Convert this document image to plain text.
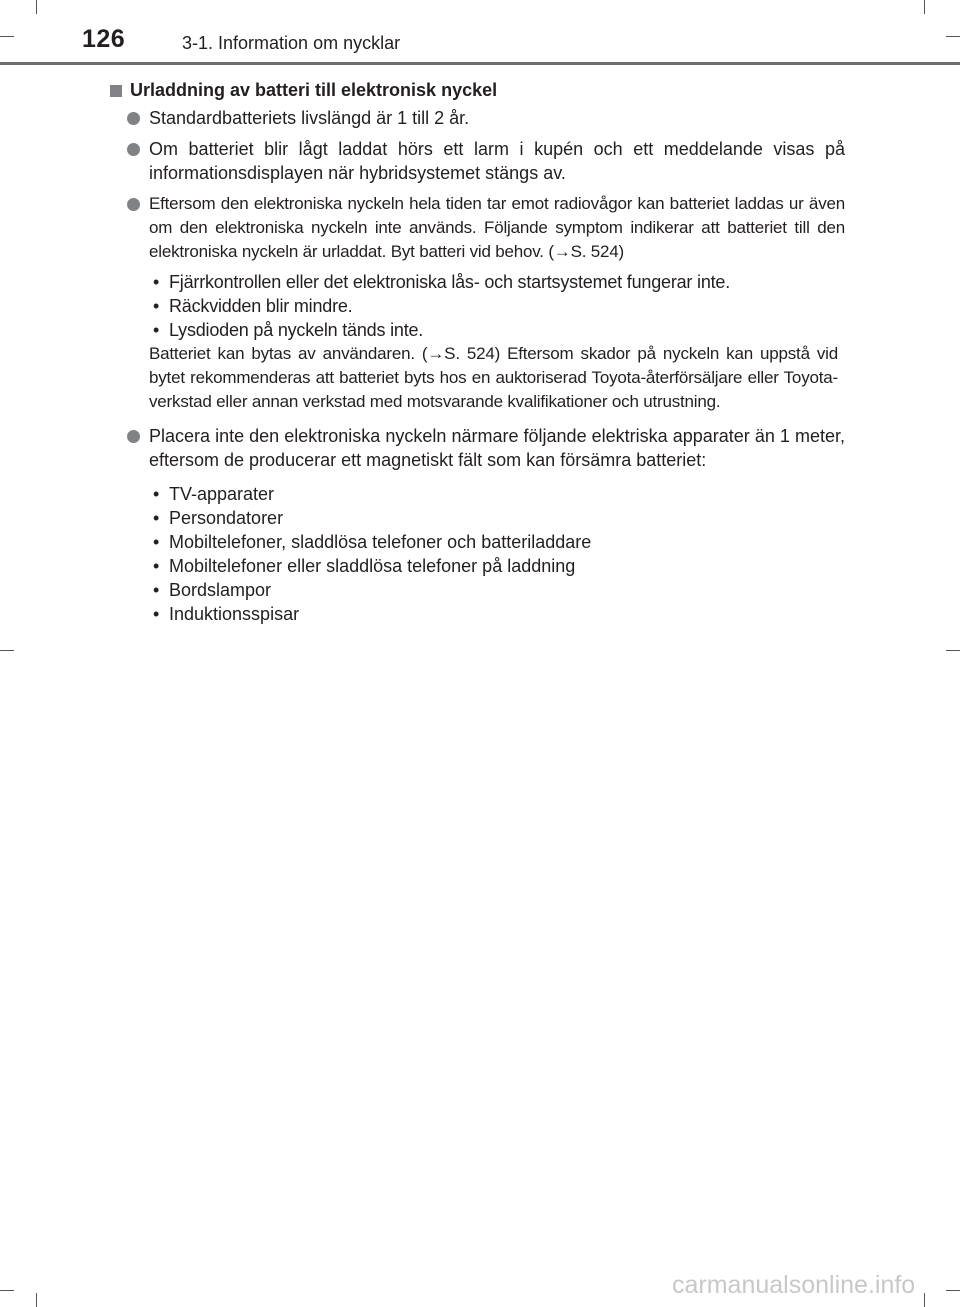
126	3-1. Information om nycklar
Urladdning av batteri till elektronisk nyckel
Standardbatteriets livslängd är 1 till 2 år.
Om batteriet blir lågt laddat hörs ett larm i kupén och ett meddelande visas på informationsdisplayen när hybridsystemet stängs av.
Eftersom den elektroniska nyckeln hela tiden tar emot radiovågor kan batteriet laddas ur även om den elektroniska nyckeln inte används. Följande symptom indikerar att batteriet till den elektroniska nyckeln är urladdat. Byt batteri vid behov. (→S. 524)
• Fjärrkontrollen eller det elektroniska lås- och startsystemet fungerar inte.
• Räckvidden blir mindre.
• Lysdioden på nyckeln tänds inte.
Batteriet kan bytas av användaren. (→S. 524) Eftersom skador på nyckeln kan uppstå vid bytet rekommenderas att batteriet byts hos en auktoriserad Toyota-återförsäljare eller Toyota-verkstad eller annan verkstad med motsvarande kvalifikationer och utrustning.
Placera inte den elektroniska nyckeln närmare följande elektriska apparater än 1 meter, eftersom de producerar ett magnetiskt fält som kan försämra batteriet:
• TV-apparater
• Persondatorer
• Mobiltelefoner, sladdlösa telefoner och batteriladdare
• Mobiltelefoner eller sladdlösa telefoner på laddning
• Bordslampor
• Induktionsspisar
carmanualsonline.info
